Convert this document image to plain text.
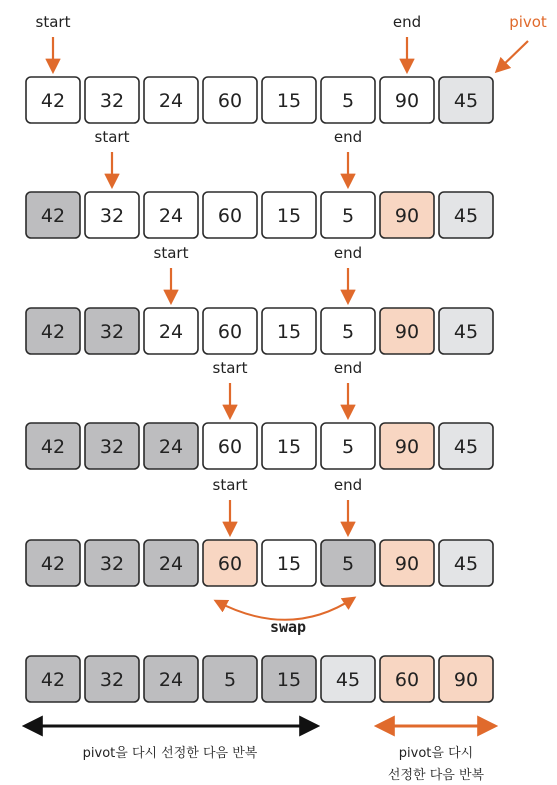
42 32 24 60 15 5 90 45
42 32 24 60 15 5 90 45
42 32 24 60 15 5 90 45
42 32 24 60 15 5 90 45
42 32 24 60 15 5 90 45
42 32 24 5 15 45 60 90
start	end	pivot
start	end
start	end
start	end
start	end
swap
pivot을 다시 선정한 다음 반복	pivot을 다시
선정한 다음 반복
